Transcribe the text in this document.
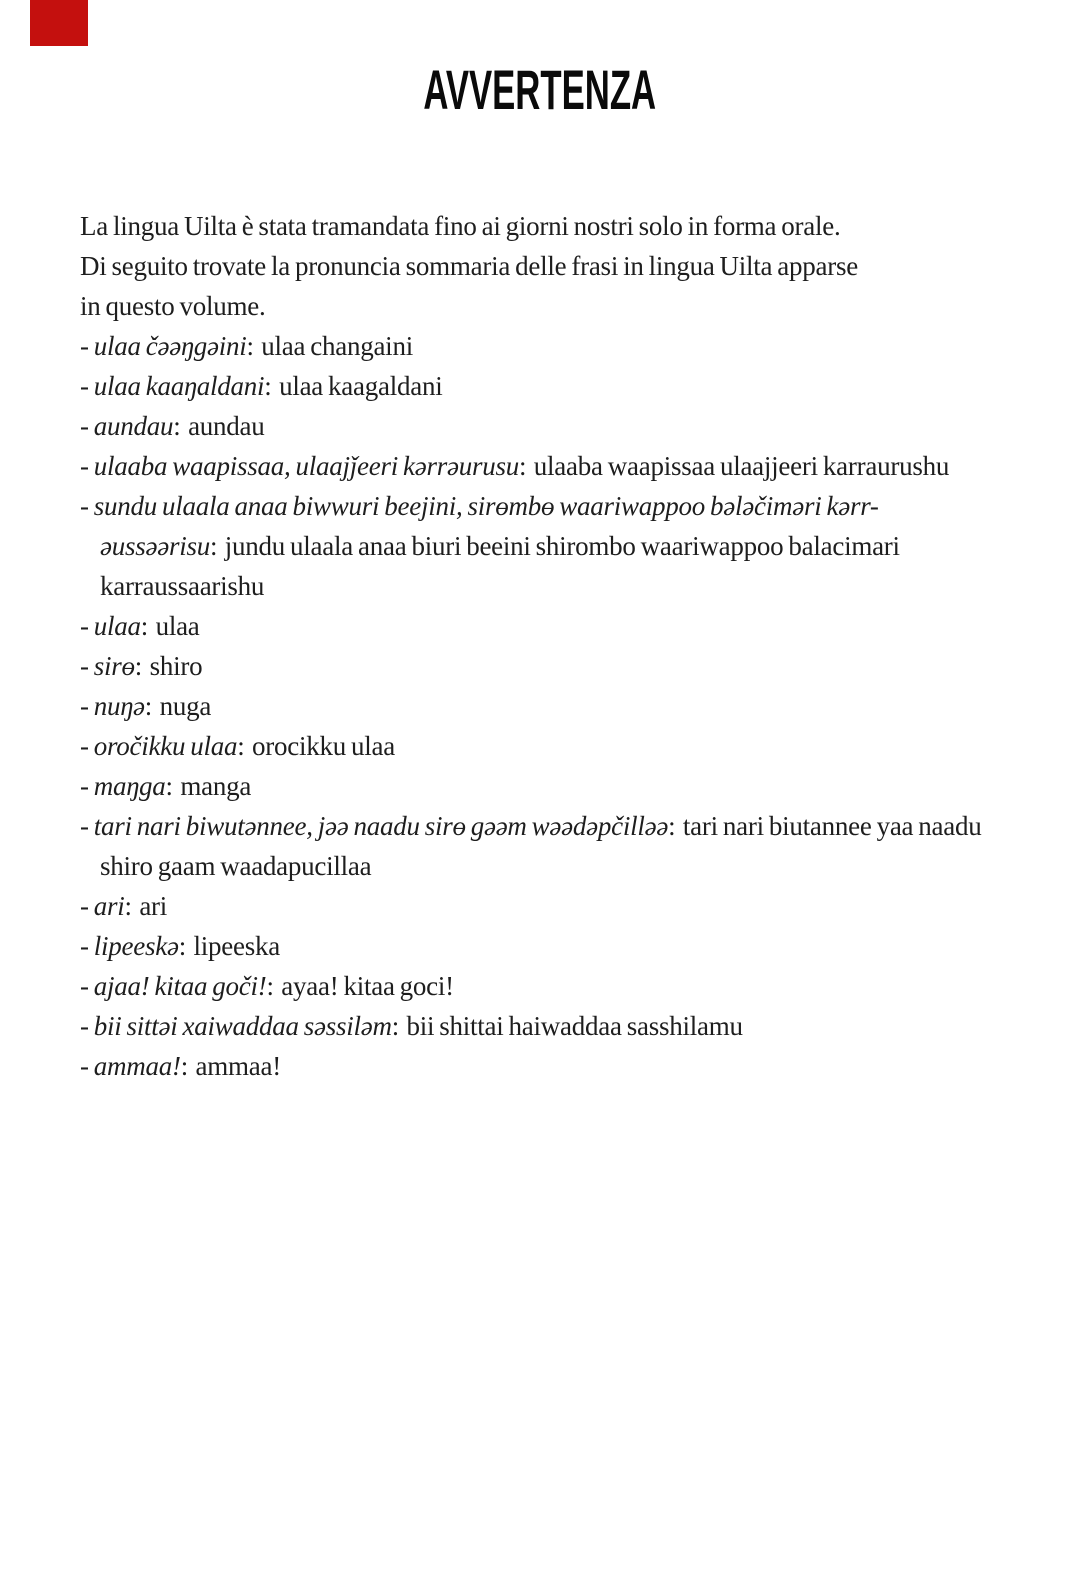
AVVERTENZA
La lingua Uilta è stata tramandata fino ai giorni nostri solo in forma orale.
Di seguito trovate la pronuncia sommaria delle frasi in lingua Uilta apparse
in questo volume.
- ulaa čəəŋgəini: ulaa changaini
- ulaa kaaŋaldani: ulaa kaagaldani
- aundau: aundau
- ulaaba waapissaa, ulaajǰeeri kərrəurusu: ulaaba waapissaa ulaajjeeri karraurushu
- sundu ulaala anaa biwwuri beejini, sirɵmbɵ waariwappoo bələčiməri kərr-əussəərisu: jundu ulaala anaa biuri beeini shirombo waariwappoo balacimari karraussaarishu
- ulaa: ulaa
- sirɵ: shiro
- nuŋə: nuga
- oročikku ulaa: orocikku ulaa
- maŋga: manga
- tari nari biwutənnee, jəə naadu sirɵ gəəm wəədəpčilləə: tari nari biutannee yaa naadu shiro gaam waadapucillaa
- ari: ari
- lipeeskə: lipeeska
- ajaa! kitaa goči!: ayaa! kitaa goci!
- bii sittəi xaiwaddaa səssiləm: bii shittai haiwaddaa sasshilamu
- ammaa!: ammaa!
